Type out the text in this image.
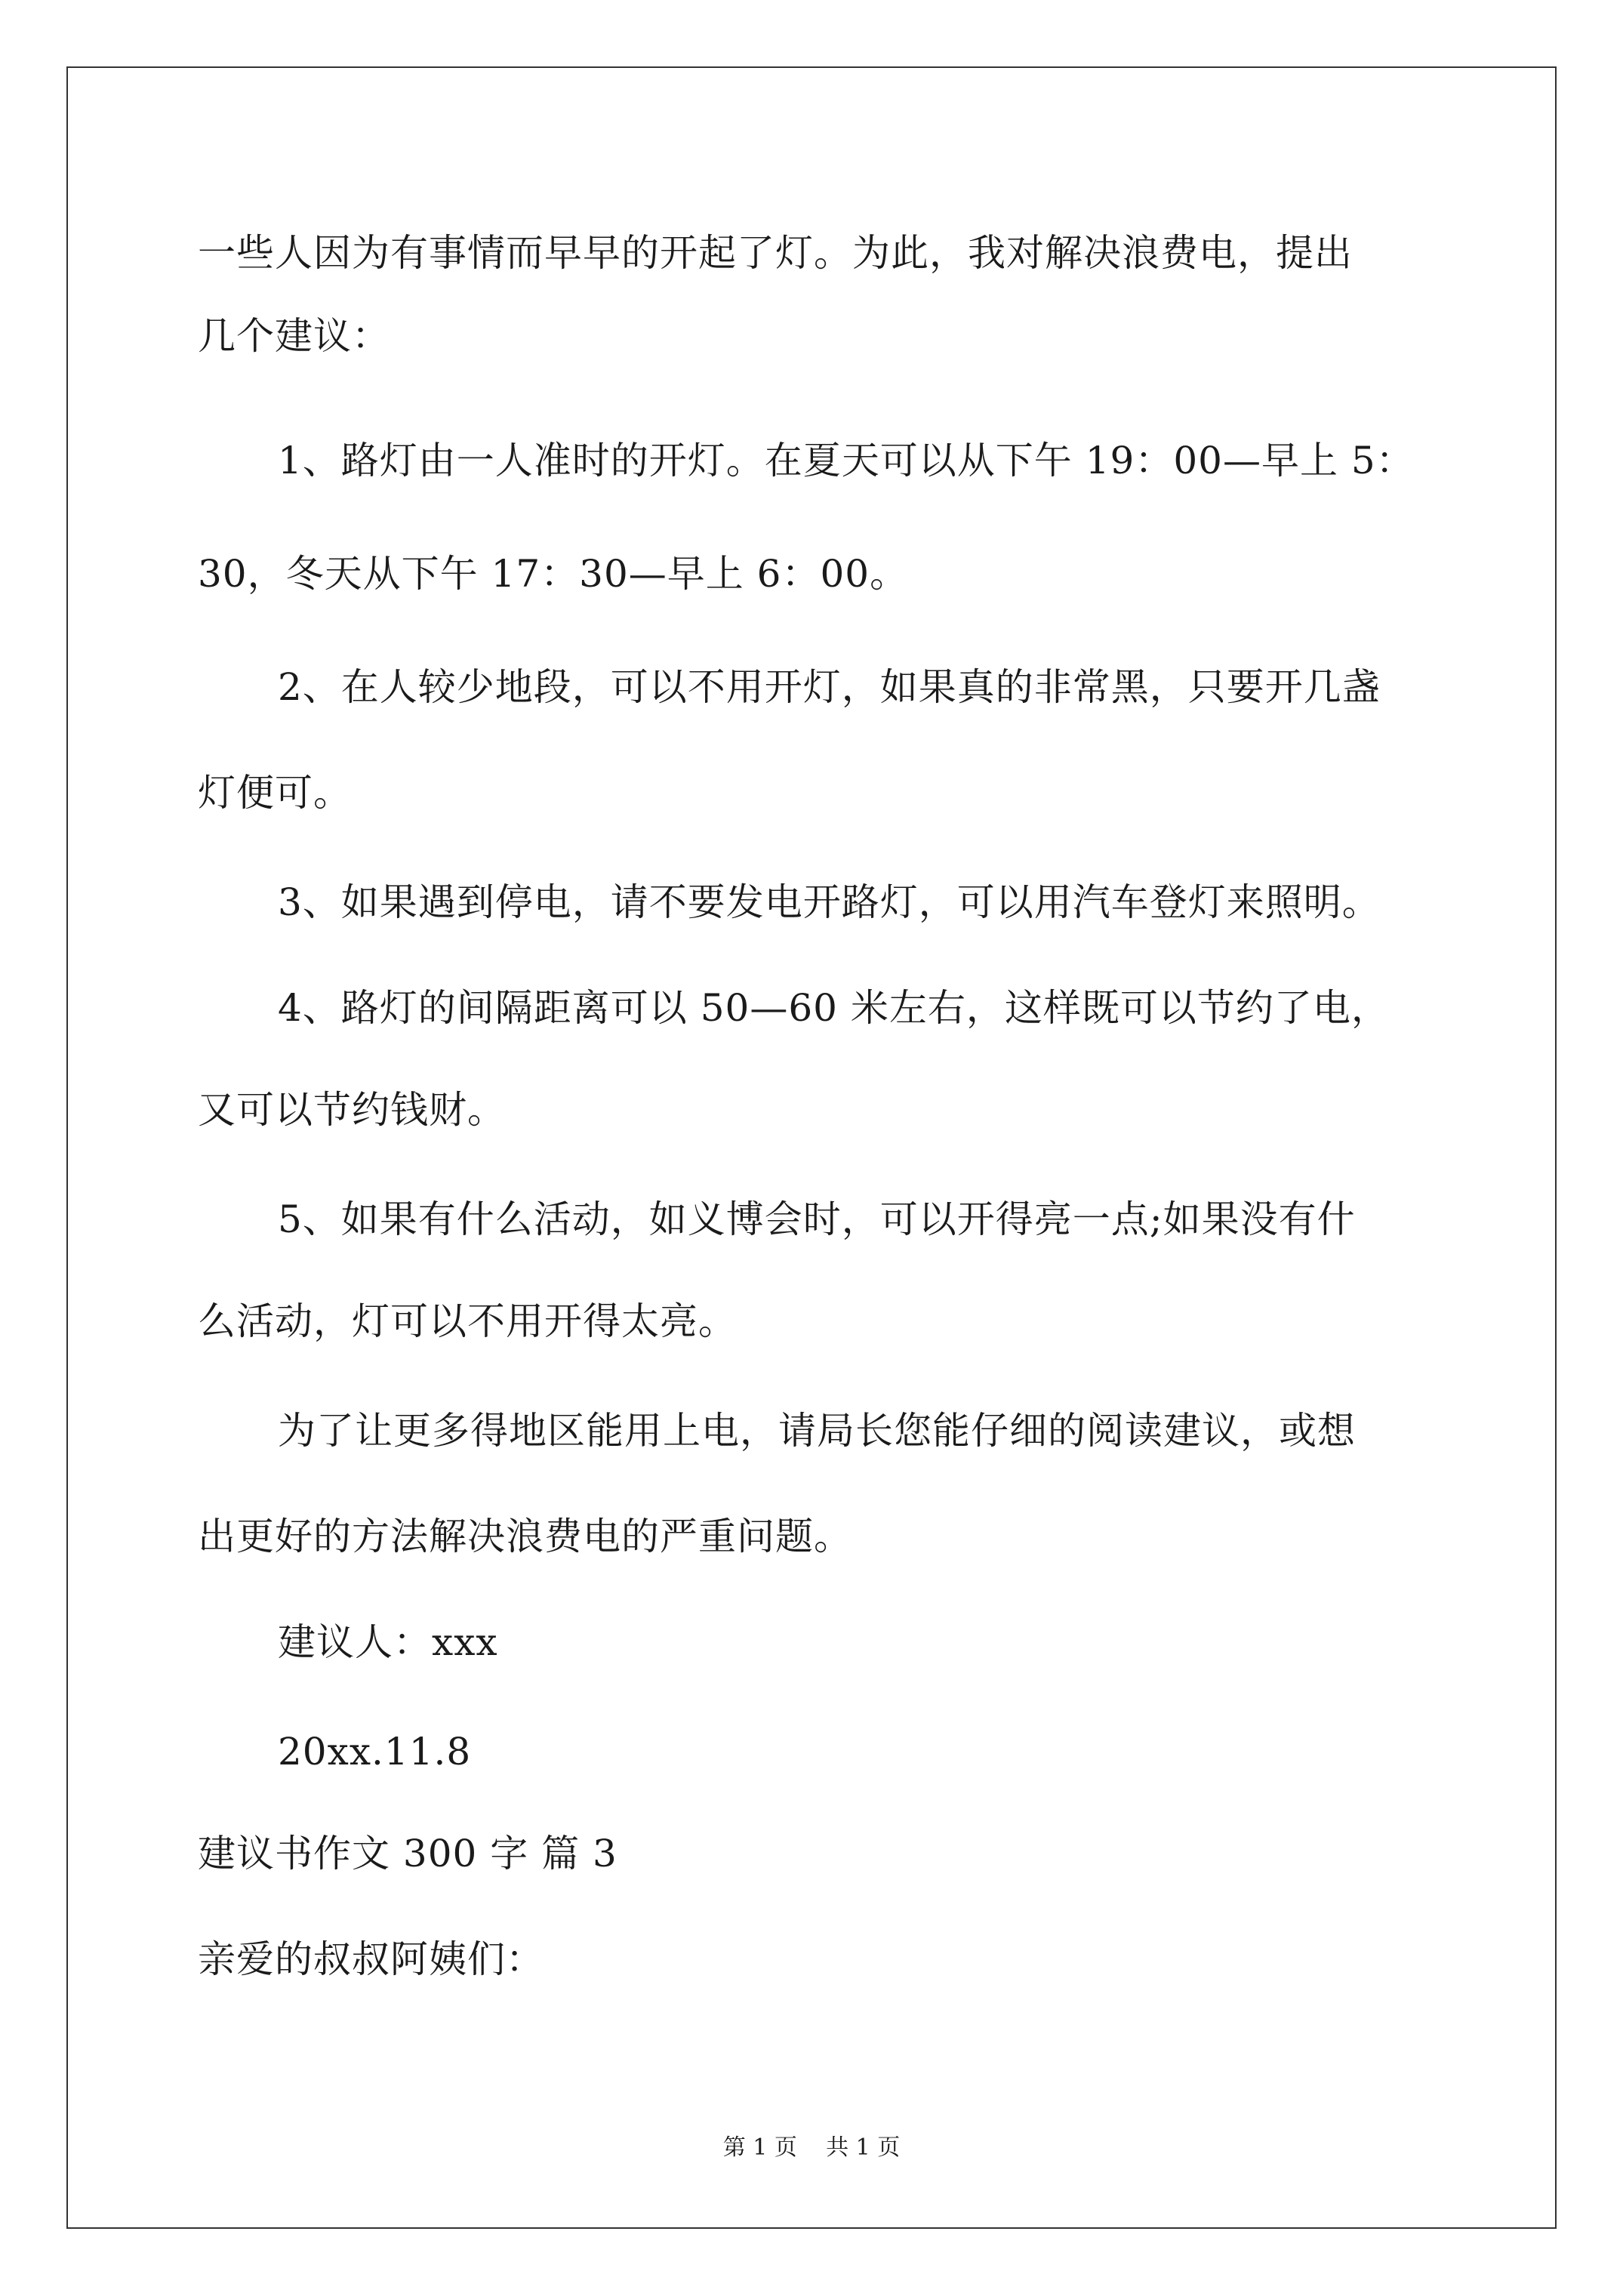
一些人因为有事情而早早的开起了灯。为此，我对解决浪费电，提出
几个建议：
1、路灯由一人准时的开灯。在夏天可以从下午 19：00—早上 5：
30，冬天从下午 17：30—早上 6：00。
2、在人较少地段，可以不用开灯，如果真的非常黑，只要开几盏
灯便可。
3、如果遇到停电，请不要发电开路灯，可以用汽车登灯来照明。
4、路灯的间隔距离可以 50—60 米左右，这样既可以节约了电，
又可以节约钱财。
5、如果有什么活动，如义博会时，可以开得亮一点;如果没有什
么活动，灯可以不用开得太亮。
为了让更多得地区能用上电，请局长您能仔细的阅读建议，或想
出更好的方法解决浪费电的严重问题。
建议人：xxx
20xx.11.8
建议书作文 300 字 篇 3
亲爱的叔叔阿姨们：
第 1 页    共 1 页
